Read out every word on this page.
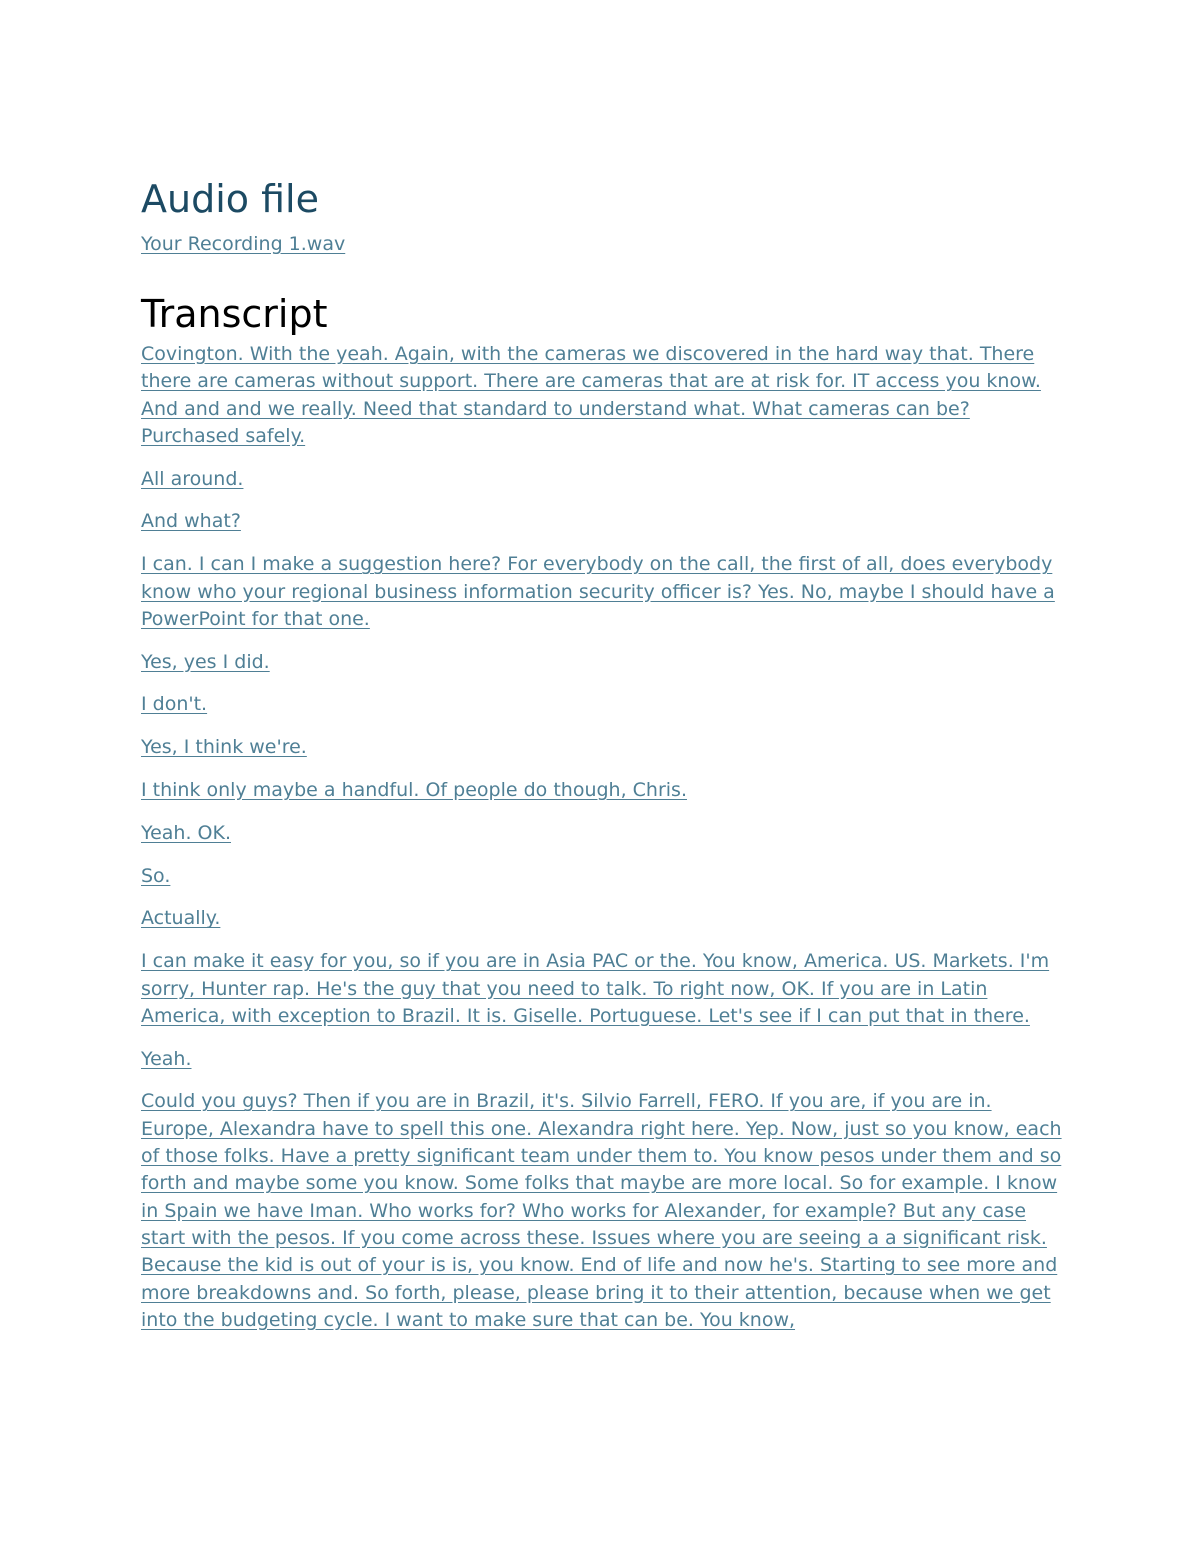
Audio file
Your Recording 1.wav
Transcript

Covington. With the yeah. Again, with the cameras we discovered in the hard way that. There there are cameras without support. There are cameras that are at risk for. IT access you know. And and and we really. Need that standard to understand what. What cameras can be? Purchased safely.

All around.

And what?

I can. I can I make a suggestion here? For everybody on the call, the first of all, does everybody know who your regional business information security officer is? Yes. No, maybe I should have a PowerPoint for that one.

Yes, yes I did.

I don't.

Yes, I think we're.

I think only maybe a handful. Of people do though, Chris.

Yeah. OK.

So.

Actually.

I can make it easy for you, so if you are in Asia PAC or the. You know, America. US. Markets. I'm sorry, Hunter rap. He's the guy that you need to talk. To right now, OK. If you are in Latin America, with exception to Brazil. It is. Giselle. Portuguese. Let's see if I can put that in there.

Yeah.

Could you guys? Then if you are in Brazil, it's. Silvio Farrell, FERO. If you are, if you are in. Europe, Alexandra have to spell this one. Alexandra right here. Yep. Now, just so you know, each of those folks. Have a pretty significant team under them to. You know pesos under them and so forth and maybe some you know. Some folks that maybe are more local. So for example. I know in Spain we have Iman. Who works for? Who works for Alexander, for example? But any case start with the pesos. If you come across these. Issues where you are seeing a a significant risk. Because the kid is out of your is is, you know. End of life and now he's. Starting to see more and more breakdowns and. So forth, please, please bring it to their attention, because when we get into the budgeting cycle. I want to make sure that can be. You know,
